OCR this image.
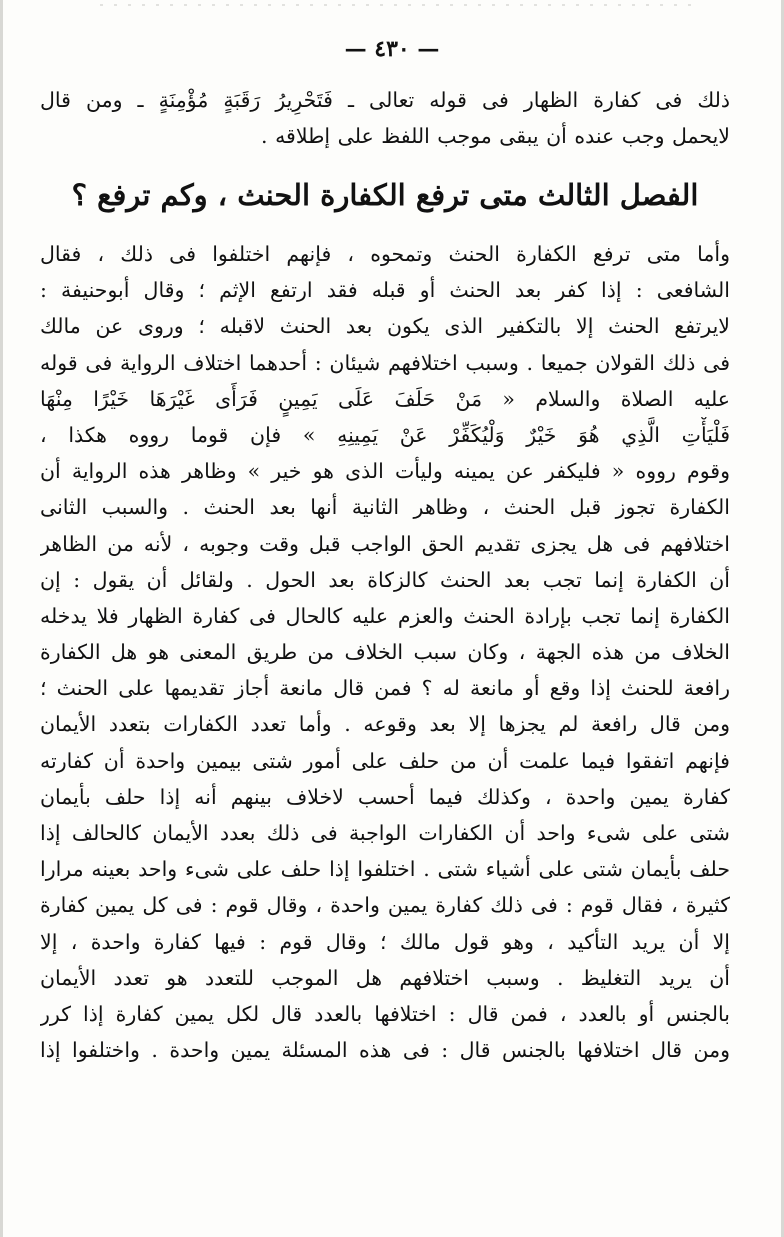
— ٤٣٠ —
ذلك فى كفارة الظهار فى قوله تعالى ـ فَتَحْرِيرُ رَقَبَةٍ مُؤْمِنَةٍ ـ ومن قال
لايحمل وجب عنده أن يبقى موجب اللفظ على إطلاقه .
الفصل الثالث متى ترفع الكفارة الحنث ، وكم ترفع ؟
وأما متى ترفع الكفارة الحنث وتمحوه ، فإنهم اختلفوا فى ذلك ، فقال
الشافعى : إذا كفر بعد الحنث أو قبله فقد ارتفع الإثم ؛ وقال أبوحنيفة :
لايرتفع الحنث إلا بالتكفير الذى يكون بعد الحنث لاقبله ؛ وروى عن مالك
فى ذلك القولان جميعا . وسبب اختلافهم شيئان : أحدهما اختلاف الرواية فى قوله
عليه الصلاة والسلام « مَنْ حَلَفَ عَلَى يَمِينٍ فَرَأَى غَيْرَهَا خَيْرًا مِنْهَا
فَلْيَأْتِ الَّذِي هُوَ خَيْرٌ وَلْيُكَفِّرْ عَنْ يَمِينِهِ » فإن قوما رووه هكذا ،
وقوم رووه « فليكفر عن يمينه وليأت الذى هو خير » وظاهر هذه الرواية أن
الكفارة تجوز قبل الحنث ، وظاهر الثانية أنها بعد الحنث . والسبب الثانى
اختلافهم فى هل يجزى تقديم الحق الواجب قبل وقت وجوبه ، لأنه من الظاهر
أن الكفارة إنما تجب بعد الحنث كالزكاة بعد الحول . ولقائل أن يقول : إن
الكفارة إنما تجب بإرادة الحنث والعزم عليه كالحال فى كفارة الظهار فلا يدخله
الخلاف من هذه الجهة ، وكان سبب الخلاف من طريق المعنى هو هل الكفارة
رافعة للحنث إذا وقع أو مانعة له ؟ فمن قال مانعة أجاز تقديمها على الحنث ؛
ومن قال رافعة لم يجزها إلا بعد وقوعه . وأما تعدد الكفارات بتعدد الأيمان
فإنهم اتفقوا فيما علمت أن من حلف على أمور شتى بيمين واحدة أن كفارته
كفارة يمين واحدة ، وكذلك فيما أحسب لاخلاف بينهم أنه إذا حلف بأيمان
شتى على شىء واحد أن الكفارات الواجبة فى ذلك بعدد الأيمان كالحالف إذا
حلف بأيمان شتى على أشياء شتى . اختلفوا إذا حلف على شىء واحد بعينه مرارا
كثيرة ، فقال قوم : فى ذلك كفارة يمين واحدة ، وقال قوم : فى كل يمين كفارة
إلا أن يريد التأكيد ، وهو قول مالك ؛ وقال قوم : فيها كفارة واحدة ، إلا
أن يريد التغليظ . وسبب اختلافهم هل الموجب للتعدد هو تعدد الأيمان
بالجنس أو بالعدد ، فمن قال : اختلافها بالعدد قال لكل يمين كفارة إذا كرر
ومن قال اختلافها بالجنس قال : فى هذه المسئلة يمين واحدة . واختلفوا إذا
